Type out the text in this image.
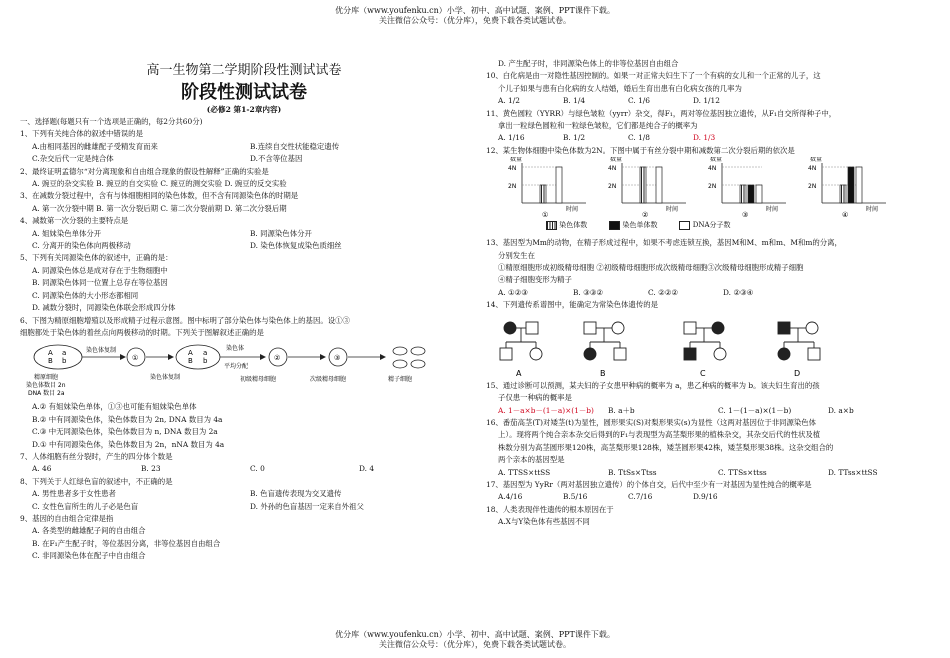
优分库（www.youfenku.cn）小学、初中、高中试题、案例、PPT课件下载。
关注微信公众号：（优分库），免费下载各类试题试卷。
高一生物第二学期阶段性测试试卷
阶段性测试试卷
(必修2 第1-2章内容)
一、选择题(每题只有一个选项是正确的，每2分共60分)
1、下列有关纯合体的叙述中错误的是
A.由相同基因的雌雄配子受精发育而来	B.连续自交性状能稳定遗传
C.杂交后代一定是纯合体	D.不含等位基因
2、最终证明孟德尔“对分离现象和自由组合现象的假设性解释”正确的实验是
A. 豌豆的杂交实验 B. 豌豆的自交实验 C. 豌豆的测交实验 D. 豌豆的反交实验
3、在减数分裂过程中，含有与体细胞相同的染色体数，但不含有同源染色体的时期是
A. 第一次分裂中期 B. 第一次分裂后期 C. 第二次分裂前期 D. 第二次分裂后期
4、减数第一次分裂的主要特点是
A. 姐妹染色单体分开	B. 同源染色体分开
C. 分离开的染色体向两极移动	D. 染色体恢复成染色质细丝
5、下列有关同源染色体的叙述中，正确的是：
A. 同源染色体总是成对存在于生物细胞中
B. 同源染色体同一位置上总存在等位基因
C. 同源染色体的大小形态都相同
D. 减数分裂时，同源染色体联会形成四分体
6、下图为精原细胞增殖以及形成精子过程示意图。图中标明了部分染色体与染色体上的基因。设①③
细胞都处于染色体的着丝点向两极移动的时期。下列关于图解叙述正确的是
A
B
a
b
染色体复制
①
A
B
a
b
染色体
平均分配
②	③
精原细胞
染色体数目 2n
DNA 数目 2a
染色体复制	初级精母细胞	次级精母细胞	精子细胞
A.② 有姐妹染色单体，①③也可能有姐妹染色单体
B.② 中有同源染色体，染色体数目为 2n, DNA 数目为 4a
C.③ 中无同源染色体，染色体数目为 n, DNA 数目为 2a
D.① 中有同源染色体，染色体数目为 2n，nNA 数目为 4a
7、人体细胞有丝分裂时，产生的四分体个数是
A. 46	B. 23	C. 0	D. 4
8、下列关于人红绿色盲的叙述中，不正确的是
A. 男性患者多于女性患者	B. 色盲遗传表现为交叉遗传
C. 女性色盲所生的儿子必是色盲	D. 外孙的色盲基因一定来自外祖父
9、基因的自由组合定律是指
A. 各类型的雌雄配子间的自由组合
B. 在F₁产生配子时，等位基因分离，非等位基因自由组合
C. 非同源染色体在配子中自由组合
D. 产生配子时，非同源染色体上的非等位基因自由组合
10、白化病是由一对隐性基因控制的。如果一对正常夫妇生下了一个有病的女儿和一个正常的儿子，这
个儿子如果与患有白化病的女人结婚，婚后生育出患有白化病女孩的几率为
A. 1/2	B. 1/4	C. 1/6	D. 1/12
11、黄色圆粒（YYRR）与绿色皱粒（yyrr）杂交，得F₁，两对等位基因独立遗传，从F₁自交所得种子中，
拿出一粒绿色圆粒和一粒绿色皱粒，它们都是纯合子的概率为
A. 1/16	B. 1/2	C. 1/8	D. 1/3
12、某生物体细胞中染色体数为2N。下图中属于有丝分裂中期和减数第二次分裂后期的依次是
数量
4N
2N
时间
①
数量
4N
2N
时间
②
数量
4N
2N
时间
③
数量
4N
2N
时间
④
染色体数	染色单体数	DNA分子数
13、基因型为Mm的动物，在精子形成过程中，如果不考虑连锁互换，基因M和M、m和m、M和m的分离，
分别发生在
①精原细胞形成初级精母细胞 ②初级精母细胞形成次级精母细胞③次级精母细胞形成精子细胞
④精子细胞变形为精子
A. ①②③	B. ③③②	C. ②②②	D. ②③④
14、下列遗传系谱图中，能确定为常染色体遗传的是
A	B	C	D
15、通过诊断可以预测，某夫妇的子女患甲种病的概率为 a，患乙种病的概率为 b。该夫妇生育出的孩
子仅患一种病的概率是
A. 1－a×b－(1－a)×(1－b)	B. a＋b	C. 1－(1－a)×(1－b)	D. a×b
16、番茄高茎(T)对矮茎(t)为显性，圆形果实(S)对梨形果实(s)为显性（这两对基因位于非同源染色体
上）。现将两个纯合亲本杂交后得到的F₁与表现型为高茎梨形果的植株杂交，其杂交后代的性状及植
株数分别为高茎圆形果120株，高茎梨形果128株，矮茎圆形果42株，矮茎梨形果38株。这杂交组合的
两个亲本的基因型是
A. TTSS×ttSS	B. TtSs×Ttss	C. TTSs×ttss	D. TTss×ttSS
17、基因型为 YyRr（两对基因独立遗传）的个体自交，后代中至少有一对基因为显性纯合的概率是
A.4/16	B.5/16	C.7/16	D.9/16
18、人类表现伴性遗传的根本原因在于
A.X与Y染色体有些基因不同
优分库（www.youfenku.cn）小学、初中、高中试题、案例、PPT课件下载。
关注微信公众号：（优分库），免费下载各类试题试卷。
